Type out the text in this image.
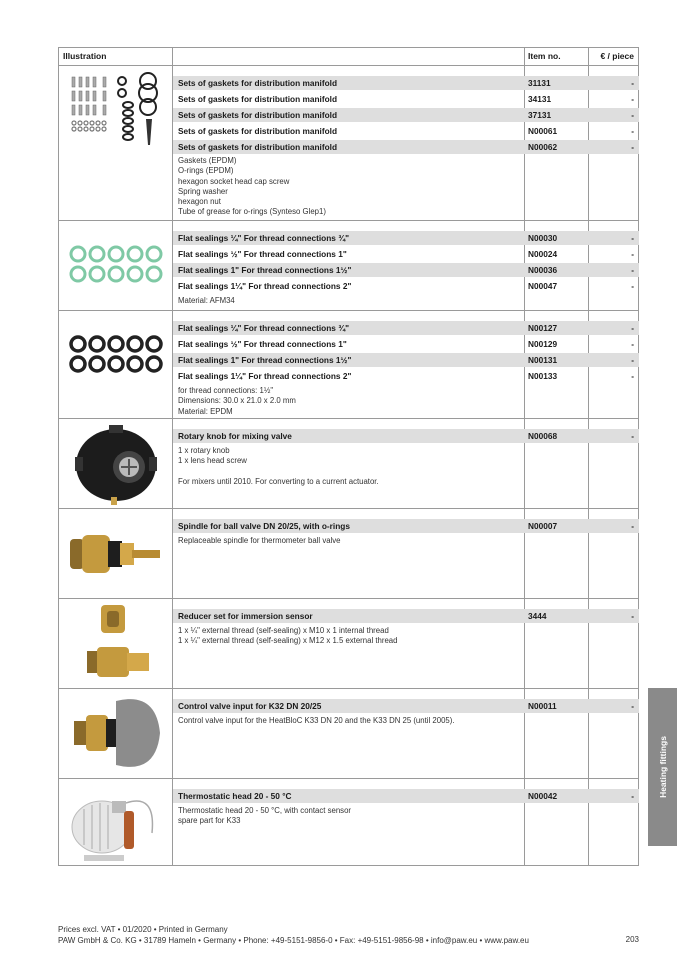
Illustration	Item no.	€ / piece
Sets of gaskets for distribution manifold	31131	-
Sets of gaskets for distribution manifold	34131	-
Sets of gaskets for distribution manifold	37131	-
Sets of gaskets for distribution manifold	N00061	-
Sets of gaskets for distribution manifold	N00062	-
Gaskets (EPDM)
O-rings (EPDM)
hexagon socket head cap screw
Spring washer
hexagon nut
Tube of grease for o-rings (Synteso Glep1)
Flat sealings ¼" For thread connections ¾"	N00030	-
Flat sealings ½" For thread connections 1"	N00024	-
Flat sealings 1" For thread connections 1½"	N00036	-
Flat sealings 1¼" For thread connections 2"	N00047	-
Material: AFM34
Flat sealings ¼" For thread connections ¾"	N00127	-
Flat sealings ½" For thread connections 1"	N00129	-
Flat sealings 1" For thread connections 1½"	N00131	-
Flat sealings 1¼" For thread connections 2"	N00133	-
for thread connections: 1½"
Dimensions: 30.0 x 21.0 x 2.0 mm
Material: EPDM
Rotary knob for mixing valve	N00068	-
1 x rotary knob
1 x lens head screw

For mixers until 2010. For converting to a current actuator.
Spindle for ball valve DN 20/25, with o-rings	N00007	-
Replaceable spindle for thermometer ball valve
Reducer set for immersion sensor	3444	-
1 x ¼" external thread (self-sealing) x M10 x 1 internal thread
1 x ¼" external thread (self-sealing) x M12 x 1.5 external thread
Control valve input for K32 DN 20/25	N00011	-
Control valve input for the HeatBloC K33 DN 20 and the K33 DN 25 (until 2005).
Thermostatic head 20 - 50 °C	N00042	-
Thermostatic head 20 - 50 °C, with contact sensor
spare part for K33
Heating fittings
Prices excl. VAT • 01/2020 • Printed in Germany
PAW GmbH & Co. KG • 31789 Hameln • Germany • Phone: +49-5151-9856-0 • Fax: +49-5151-9856-98 • info@paw.eu • www.paw.eu	203
